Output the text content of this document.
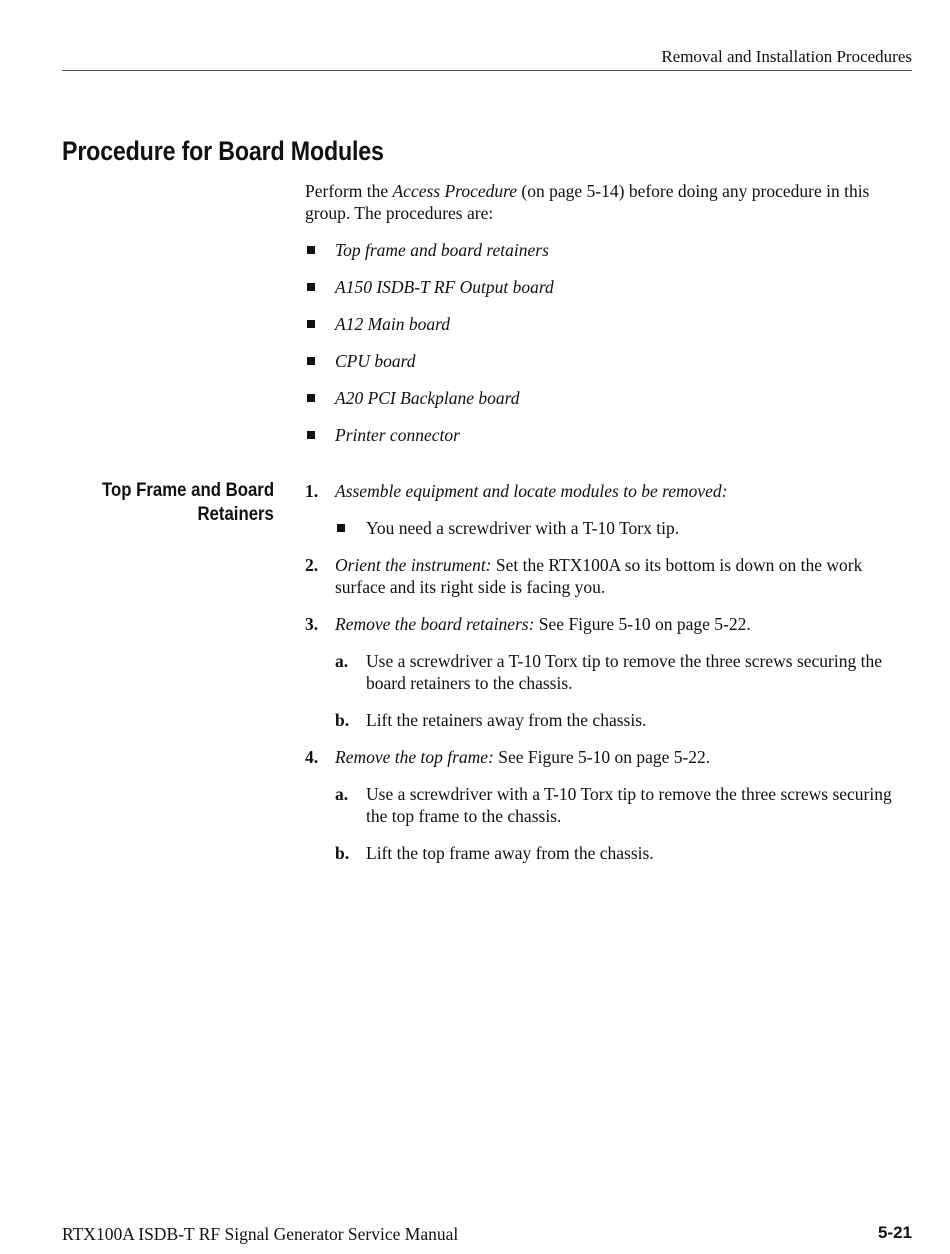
Removal and Installation Procedures
Procedure for Board Modules

Perform the Access Procedure (on page 5-14) before doing any procedure in this group. The procedures are:

Top frame and board retainers
A150 ISDB-T RF Output board
A12 Main board
CPU board
A20 PCI Backplane board
Printer connector
Top Frame and Board
Retainers
1. Assemble equipment and locate modules to be removed:
You need a screwdriver with a T-10 Torx tip.
2. Orient the instrument: Set the RTX100A so its bottom is down on the work surface and its right side is facing you.
3. Remove the board retainers: See Figure 5-10 on page 5-22.
a. Use a screwdriver a T-10 Torx tip to remove the three screws securing the board retainers to the chassis.
b. Lift the retainers away from the chassis.
4. Remove the top frame: See Figure 5-10 on page 5-22.
a. Use a screwdriver with a T-10 Torx tip to remove the three screws securing the top frame to the chassis.
b. Lift the top frame away from the chassis.
RTX100A ISDB-T RF Signal Generator Service Manual	5-21
